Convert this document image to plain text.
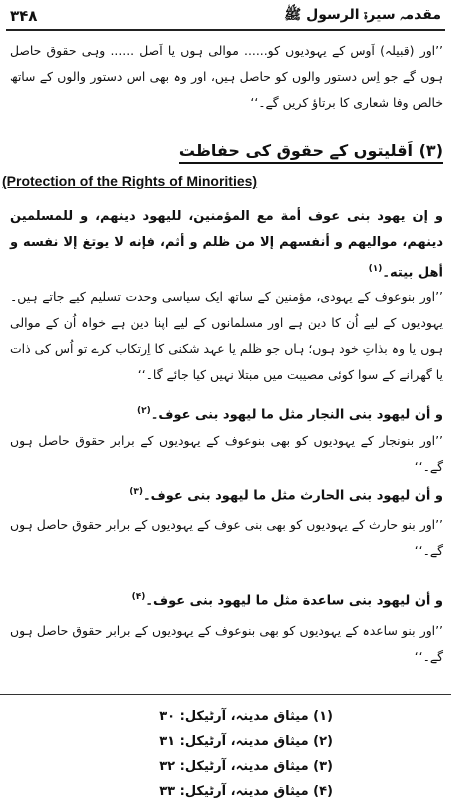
۳۴۸	مقدمہ سیرۃ الرسول ﷺ

’’اور (قبیلہ) اَوس کے یہودیوں کو...... موالی ہوں یا اَصل ...... وہی حقوق حاصل ہوں گے جو اِس دستور والوں کو حاصل ہیں، اور وہ بھی اس دستور والوں کے ساتھ خالص وفا شعاری کا برتاؤ کریں گے۔‘‘

(۳) اَقلیتوں کے حقوق کی حفاظت
(Protection of the Rights of Minorities)

و إن یهود بنی عوف أمة مع المؤمنین، للیهود دینهم، و للمسلمین دینهم، موالیهم و أنفسهم إلا من ظلم و أثم، فإنه لا یوتغ إلا نفسه و أهل بیته۔$^{(۱)}$

’’اور بنوعوف کے یہودی، مؤمنین کے ساتھ ایک سیاسی وحدت تسلیم کیے جاتے ہیں۔ یہودیوں کے لیے اُن کا دین ہے اور مسلمانوں کے لیے اپنا دین ہے خواہ اُن کے موالی ہوں یا وہ بذاتِ خود ہوں؛ ہاں جو ظلم یا عہد شکنی کا اِرتکاب کرے تو اُس کی ذات یا گھرانے کے سوا کوئی مصیبت میں مبتلا نہیں کیا جائے گا۔‘‘

و أن لیهود بنی النجار مثل ما لیهود بنی عوف۔$^{(۲)}$

’’اور بنونجار کے یہودیوں کو بھی بنوعوف کے یہودیوں کے برابر حقوق حاصل ہوں گے۔‘‘

و أن لیهود بنی الحارث مثل ما لیهود بنی عوف۔$^{(۳)}$

’’اور بنو حارث کے یہودیوں کو بھی بنی عوف کے یہودیوں کے برابر حقوق حاصل ہوں گے۔‘‘

و أن لیهود بنی ساعدة مثل ما لیهود بنی عوف۔$^{(۴)}$

’’اور بنو ساعدہ کے یہودیوں کو بھی بنوعوف کے یہودیوں کے برابر حقوق حاصل ہوں گے۔‘‘

(۱) میثاق مدینہ، آرٹیکل: ۳۰
(۲) میثاق مدینہ، آرٹیکل: ۳۱
(۳) میثاق مدینہ، آرٹیکل: ۳۲
(۴) میثاق مدینہ، آرٹیکل: ۳۳
